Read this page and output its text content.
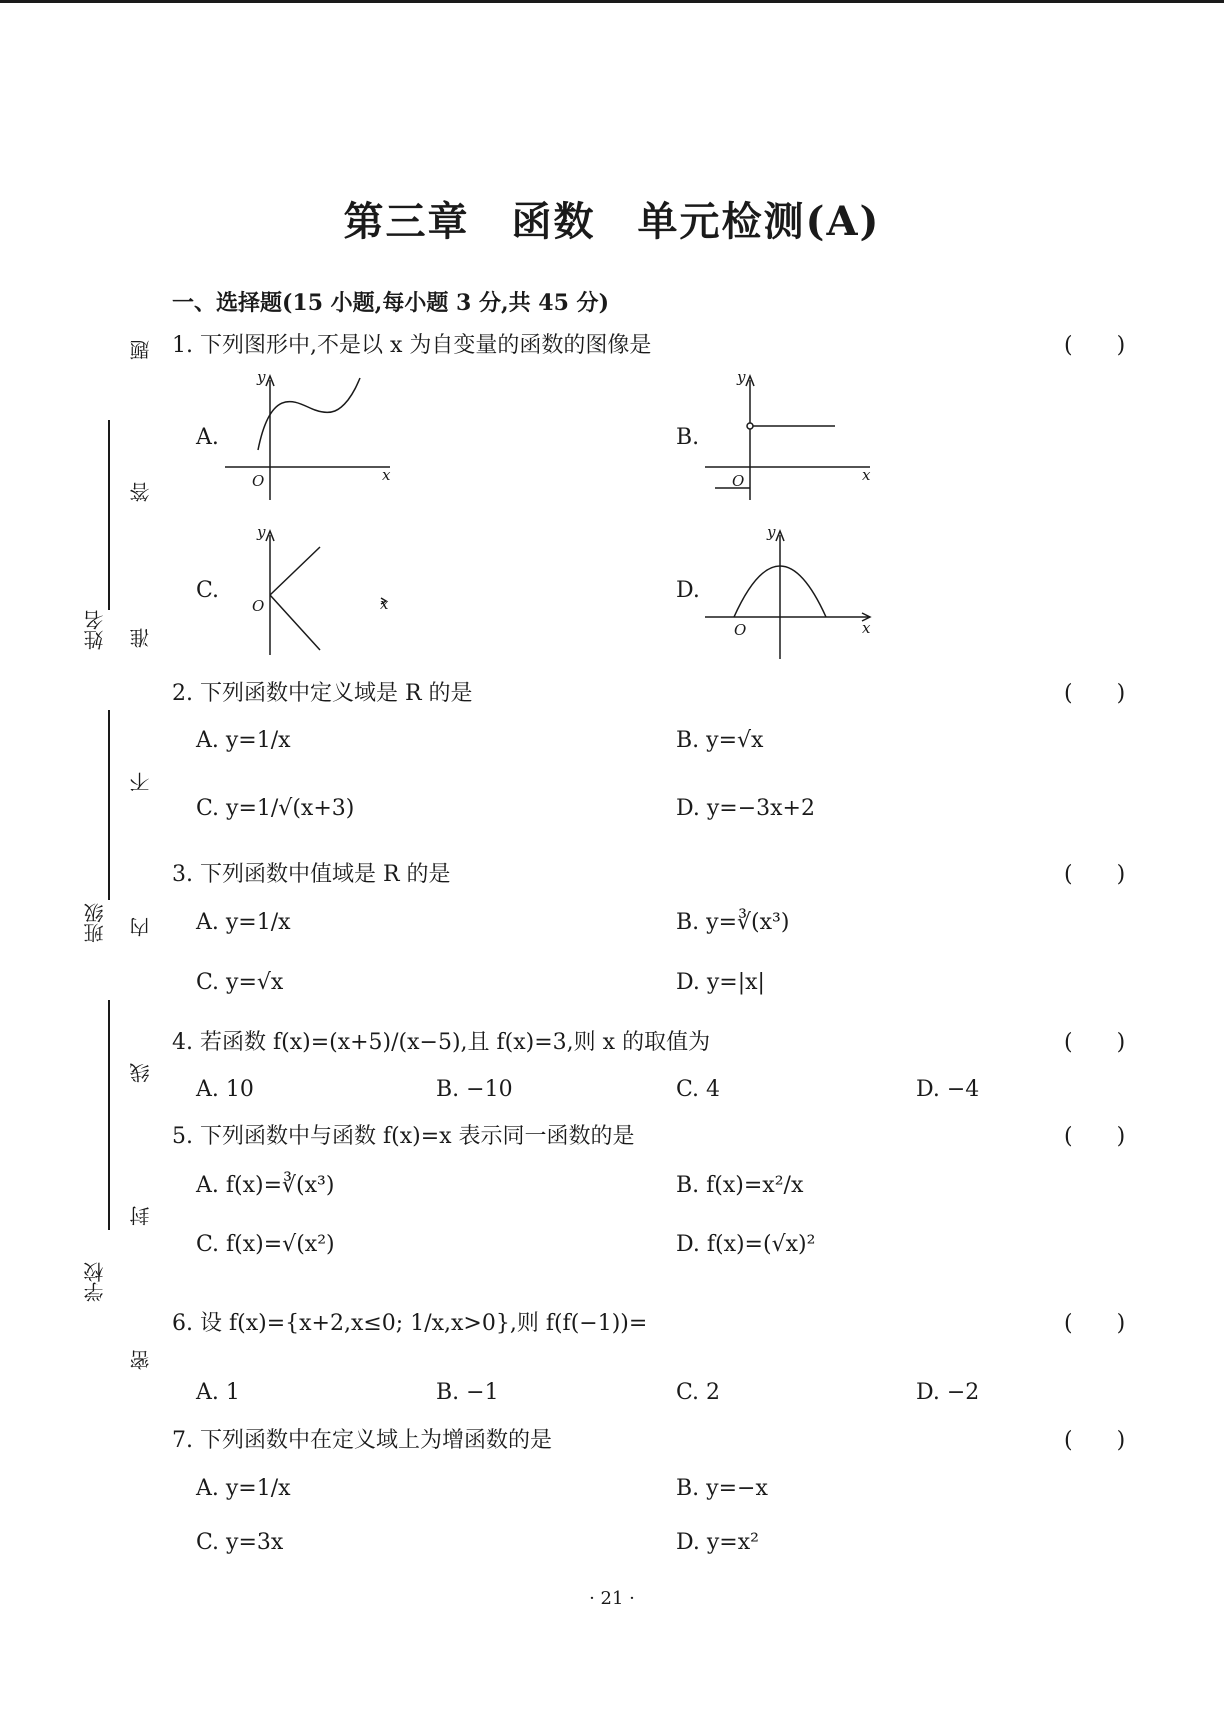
姓名
班级
学校
题
答
准
不
内
线
封
密
第三章　函数　单元检测(A)
一、选择题(15 小题,每小题 3 分,共 45 分)
1. 下列图形中,不是以 x 为自变量的函数的图像是	(　　)
A.
y
x
O
B.
y
x
O
C.
y
x
O
D.
y
x
O
2. 下列函数中定义域是 R 的是	(　　)
A. y=1/x	B. y=√x
C. y=1/√(x+3)	D. y=−3x+2
3. 下列函数中值域是 R 的是	(　　)
A. y=1/x	B. y=∛(x³)
C. y=√x	D. y=|x|
4. 若函数 f(x)=(x+5)/(x−5),且 f(x)=3,则 x 的取值为	(　　)
A. 10	B. −10	C. 4	D. −4
5. 下列函数中与函数 f(x)=x 表示同一函数的是	(　　)
A. f(x)=∛(x³)	B. f(x)=x²/x
C. f(x)=√(x²)	D. f(x)=(√x)²
6. 设 f(x)={x+2,x≤0; 1/x,x>0},则 f(f(−1))=	(　　)
A. 1	B. −1	C. 2	D. −2
7. 下列函数中在定义域上为增函数的是	(　　)
A. y=1/x	B. y=−x
C. y=3x	D. y=x²
· 21 ·
